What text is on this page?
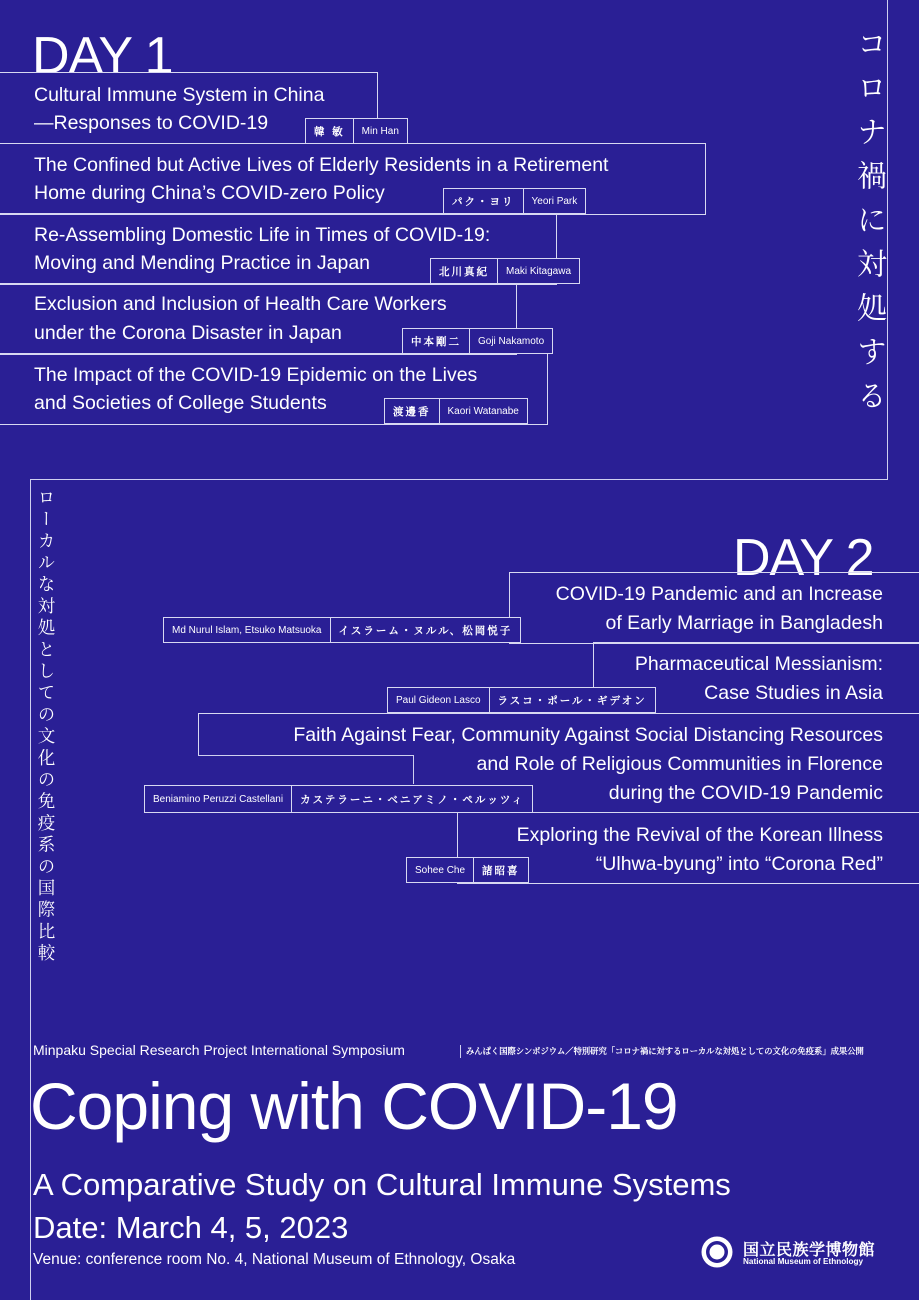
DAY 1
Cultural Immune System in China
—Responses to COVID-19	韓 敏	Min Han
The Confined but Active Lives of Elderly Residents in a Retirement
Home during China’s COVID-zero Policy	パク・ヨリ	Yeori Park
Re-Assembling Domestic Life in Times of COVID-19:
Moving and Mending Practice in Japan	北川真紀	Maki Kitagawa
Exclusion and Inclusion of Health Care Workers
under the Corona Disaster in Japan	中本剛二	Goji Nakamoto
The Impact of the COVID-19 Epidemic on the Lives
and Societies of College Students	渡邊香	Kaori Watanabe	コロナ禍に対処する
ローカルな対処としての文化の免疫系の国際比較	DAY 2
COVID-19 Pandemic and an Increase
of Early Marriage in Bangladesh
Md Nurul Islam, Etsuko Matsuoka	イスラーム・ヌルル、松岡悦子
Pharmaceutical Messianism:
Case Studies in Asia
Paul Gideon Lasco	ラスコ・ポール・ギデオン
Faith Against Fear, Community Against Social Distancing Resources
and Role of Religious Communities in Florence
during the COVID-19 Pandemic
Beniamino Peruzzi Castellani	カステラーニ・ベニアミノ・ペルッツィ
Exploring the Revival of the Korean Illness
“Ulhwa-byung” into “Corona Red”
Sohee Che	諸昭喜
Minpaku Special Research Project International Symposium	みんぱく国際シンポジウム／特別研究「コロナ禍に対するローカルな対処としての文化の免疫系」成果公開
Coping with COVID-19
A Comparative Study on Cultural Immune Systems
Date: March 4, 5, 2023
Venue: conference room No. 4, National Museum of Ethnology, Osaka
国立民族学博物館
National Museum of Ethnology
